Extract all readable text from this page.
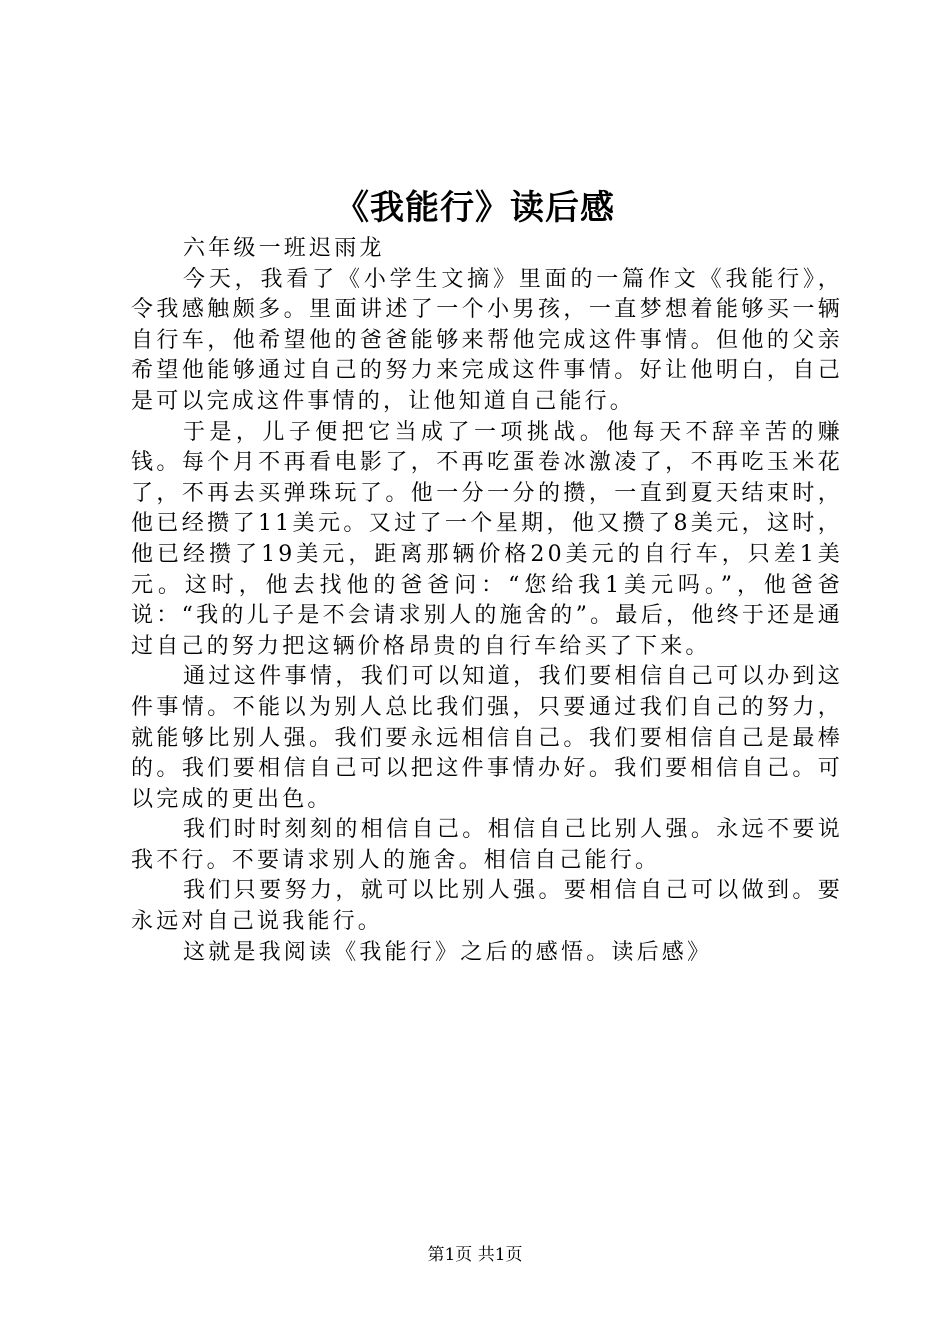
《我能行》读后感

六年级一班迟雨龙

今天，我看了《小学生文摘》里面的一篇作文《我能行》，令我感触颇多。里面讲述了一个小男孩，一直梦想着能够买一辆自行车，他希望他的爸爸能够来帮他完成这件事情。但他的父亲希望他能够通过自己的努力来完成这件事情。好让他明白，自己是可以完成这件事情的，让他知道自己能行。

于是，儿子便把它当成了一项挑战。他每天不辞辛苦的赚钱。每个月不再看电影了，不再吃蛋卷冰激凌了，不再吃玉米花了，不再去买弹珠玩了。他一分一分的攒，一直到夏天结束时，他已经攒了11美元。又过了一个星期，他又攒了8美元，这时，他已经攒了19美元，距离那辆价格20美元的自行车，只差1美元。这时，他去找他的爸爸问：“您给我1美元吗。”，他爸爸说：“我的儿子是不会请求别人的施舍的”。最后，他终于还是通过自己的努力把这辆价格昂贵的自行车给买了下来。

通过这件事情，我们可以知道，我们要相信自己可以办到这件事情。不能以为别人总比我们强，只要通过我们自己的努力，就能够比别人强。我们要永远相信自己。我们要相信自己是最棒的。我们要相信自己可以把这件事情办好。我们要相信自己。可以完成的更出色。

我们时时刻刻的相信自己。相信自己比别人强。永远不要说我不行。不要请求别人的施舍。相信自己能行。

我们只要努力，就可以比别人强。要相信自己可以做到。要永远对自己说我能行。

这就是我阅读《我能行》之后的感悟。读后感》

第1页 共1页
